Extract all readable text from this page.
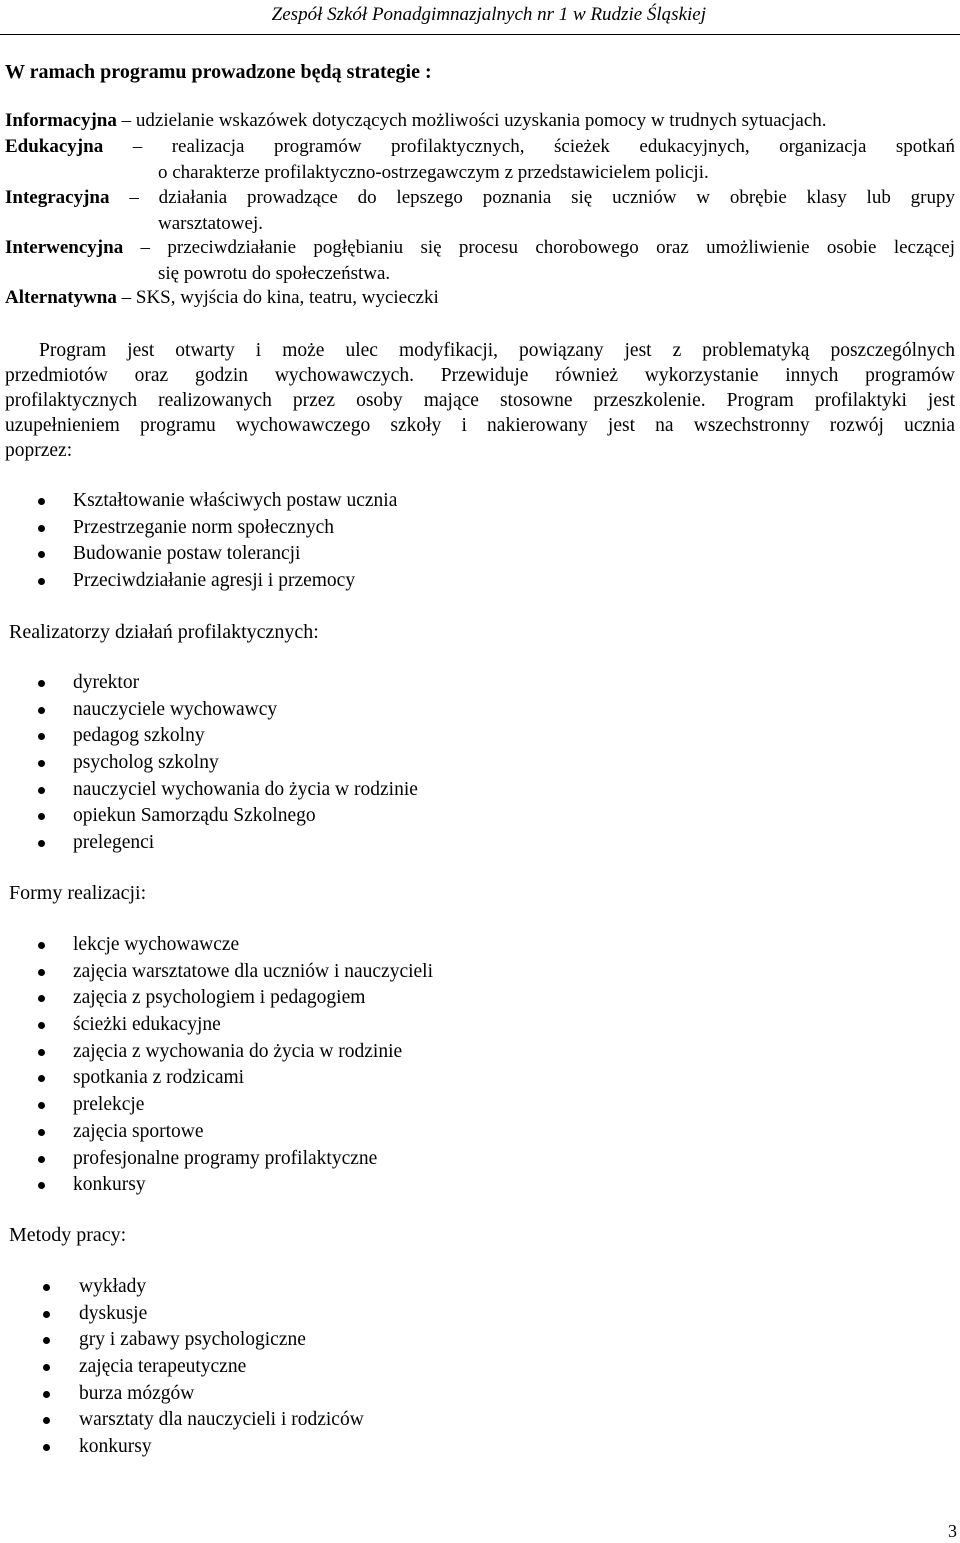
Zespół Szkół Ponadgimnazjalnych nr 1 w Rudzie Śląskiej
W ramach programu prowadzone będą strategie :
Informacyjna – udzielanie wskazówek dotyczących możliwości uzyskania pomocy w trudnych sytuacjach.
Edukacyjna – realizacja programów profilaktycznych, ścieżek edukacyjnych, organizacja spotkań
o charakterze profilaktyczno-ostrzegawczym z przedstawicielem policji.
Integracyjna – działania prowadzące do lepszego poznania się uczniów w obrębie klasy lub grupy
warsztatowej.
Interwencyjna – przeciwdziałanie pogłębianiu się procesu chorobowego oraz umożliwienie osobie leczącej
się powrotu do społeczeństwa.
Alternatywna – SKS, wyjścia do kina, teatru, wycieczki
Program jest otwarty i może ulec modyfikacji, powiązany jest z problematyką poszczególnych
przedmiotów oraz godzin wychowawczych. Przewiduje również wykorzystanie innych programów
profilaktycznych realizowanych przez osoby mające stosowne przeszkolenie. Program profilaktyki jest
uzupełnieniem programu wychowawczego szkoły i nakierowany jest na wszechstronny rozwój ucznia
poprzez:
Kształtowanie właściwych postaw ucznia
Przestrzeganie norm społecznych
Budowanie postaw tolerancji
Przeciwdziałanie agresji i przemocy
Realizatorzy działań profilaktycznych:
dyrektor
nauczyciele wychowawcy
pedagog szkolny
psycholog szkolny
nauczyciel wychowania do życia w rodzinie
opiekun Samorządu Szkolnego
prelegenci
Formy realizacji:
lekcje wychowawcze
zajęcia warsztatowe dla uczniów i nauczycieli
zajęcia z psychologiem i pedagogiem
ścieżki edukacyjne
zajęcia z wychowania do życia w rodzinie
spotkania z rodzicami
prelekcje
zajęcia sportowe
profesjonalne programy profilaktyczne
konkursy
Metody pracy:
wykłady
dyskusje
gry i zabawy psychologiczne
zajęcia terapeutyczne
burza mózgów
warsztaty dla nauczycieli i rodziców
konkursy
3
